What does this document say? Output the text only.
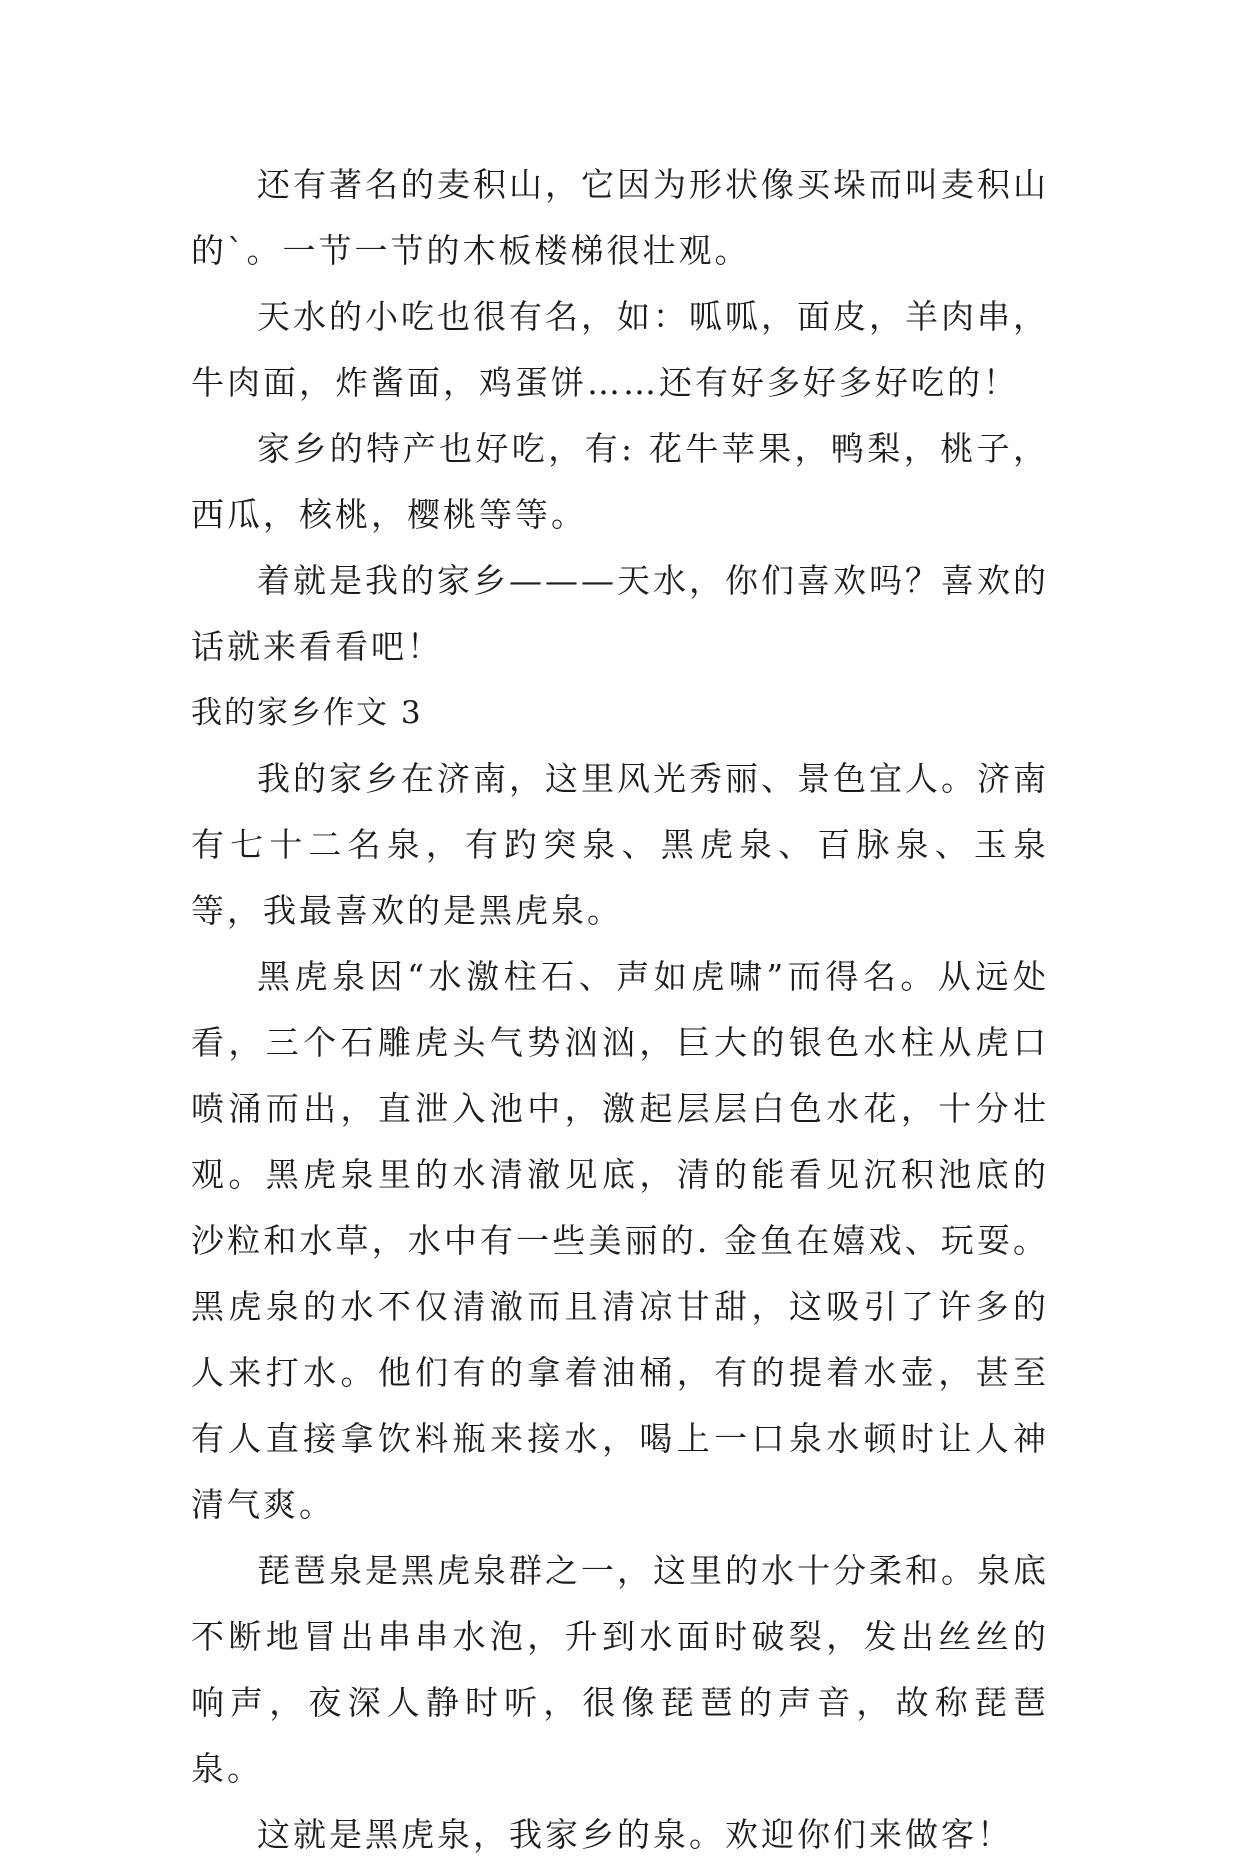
还有著名的麦积山，它因为形状像买垛而叫麦积山的`。一节一节的木板楼梯很壮观。

天水的小吃也很有名，如：呱呱，面皮，羊肉串，牛肉面，炸酱面，鸡蛋饼……还有好多好多好吃的！

家乡的特产也好吃，有: 花牛苹果，鸭梨，桃子，西瓜，核桃，樱桃等等。

着就是我的家乡———天水，你们喜欢吗？喜欢的话就来看看吧！

我的家乡作文 3

我的家乡在济南，这里风光秀丽、景色宜人。济南有七十二名泉，有趵突泉、黑虎泉、百脉泉、玉泉等，我最喜欢的是黑虎泉。

黑虎泉因“水激柱石、声如虎啸”而得名。从远处看，三个石雕虎头气势汹汹，巨大的银色水柱从虎口喷涌而出，直泄入池中，激起层层白色水花，十分壮观。黑虎泉里的水清澈见底，清的能看见沉积池底的沙粒和水草，水中有一些美丽的. 金鱼在嬉戏、玩耍。黑虎泉的水不仅清澈而且清凉甘甜，这吸引了许多的人来打水。他们有的拿着油桶，有的提着水壶，甚至有人直接拿饮料瓶来接水，喝上一口泉水顿时让人神清气爽。

琵琶泉是黑虎泉群之一，这里的水十分柔和。泉底不断地冒出串串水泡，升到水面时破裂，发出丝丝的响声，夜深人静时听，很像琵琶的声音，故称琵琶泉。

这就是黑虎泉，我家乡的泉。欢迎你们来做客！
